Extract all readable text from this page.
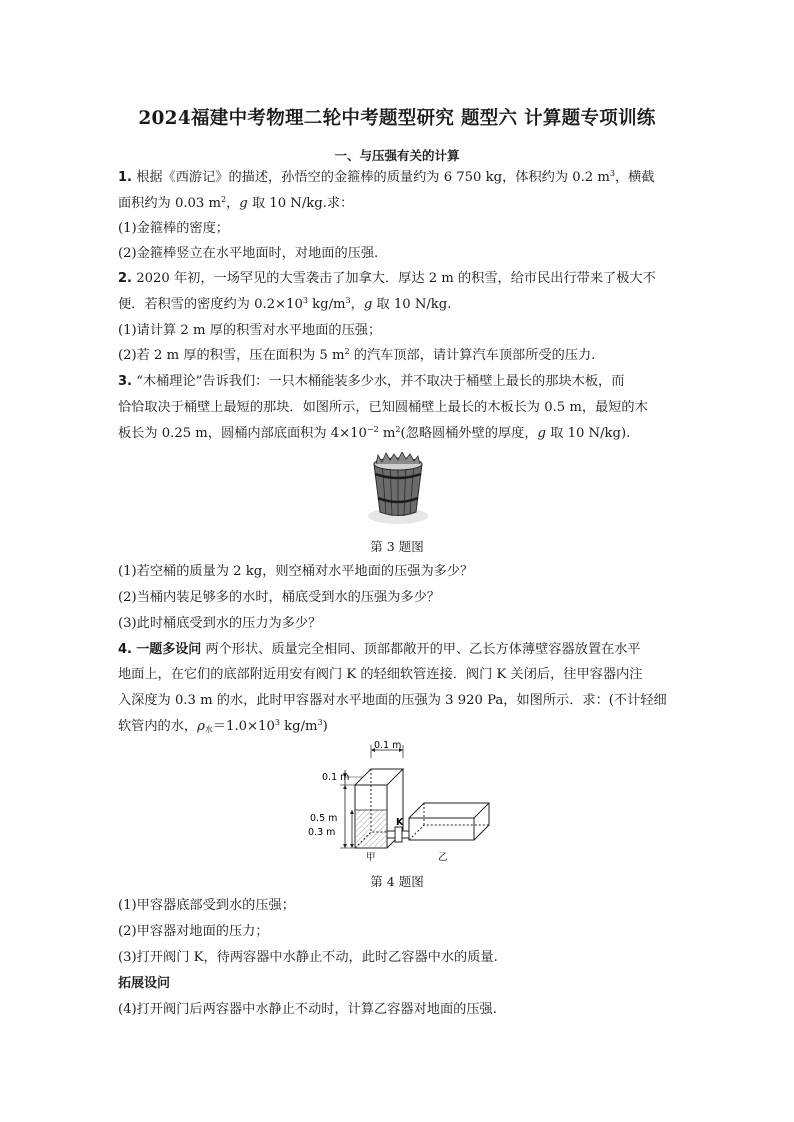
2024福建中考物理二轮中考题型研究 题型六 计算题专项训练
一、与压强有关的计算
1. 根据《西游记》的描述，孙悟空的金箍棒的质量约为 6 750 kg，体积约为 0.2 $m^3$，横截
面积约为 0.03 $m^2$，g 取 10 N/kg.求：
(1)金箍棒的密度；
(2)金箍棒竖立在水平地面时，对地面的压强.
2. 2020 年初，一场罕见的大雪袭击了加拿大．厚达 2 m 的积雪，给市民出行带来了极大不
便．若积雪的密度约为 $0.2\times 10^3$ $kg/m^3$，g 取 10 N/kg.
(1)请计算 2 m 厚的积雪对水平地面的压强；
(2)若 2 m 厚的积雪，压在面积为 5 $m^2$ 的汽车顶部，请计算汽车顶部所受的压力.
3. “木桶理论”告诉我们：一只木桶能装多少水，并不取决于桶壁上最长的那块木板，而
恰恰取决于桶壁上最短的那块．如图所示，已知圆桶壁上最长的木板长为 0.5 m，最短的木
板长为 0.25 m，圆桶内部底面积为 $4\times 10^{-2}$ $m^2$(忽略圆桶外壁的厚度，g 取 10 N/kg).
第 3 题图
(1)若空桶的质量为 2 kg，则空桶对水平地面的压强为多少？
(2)当桶内装足够多的水时，桶底受到水的压强为多少？
(3)此时桶底受到水的压力为多少？
4. 一题多设问 两个形状、质量完全相同、顶部都敞开的甲、乙长方体薄壁容器放置在水平
地面上，在它们的底部附近用安有阀门 K 的轻细软管连接．阀门 K 关闭后，往甲容器内注
入深度为 0.3 m 的水，此时甲容器对水平地面的压强为 3 920 Pa，如图所示．求：(不计轻细
软管内的水，$\rho_水=1.0\times 10^3$ $kg/m^3$)
0.1 m
0.1 m
0.5 m
0.3 m
K
甲	乙
第 4 题图
(1)甲容器底部受到水的压强；
(2)甲容器对地面的压力；
(3)打开阀门 K，待两容器中水静止不动，此时乙容器中水的质量.
拓展设问
(4)打开阀门后两容器中水静止不动时，计算乙容器对地面的压强.
